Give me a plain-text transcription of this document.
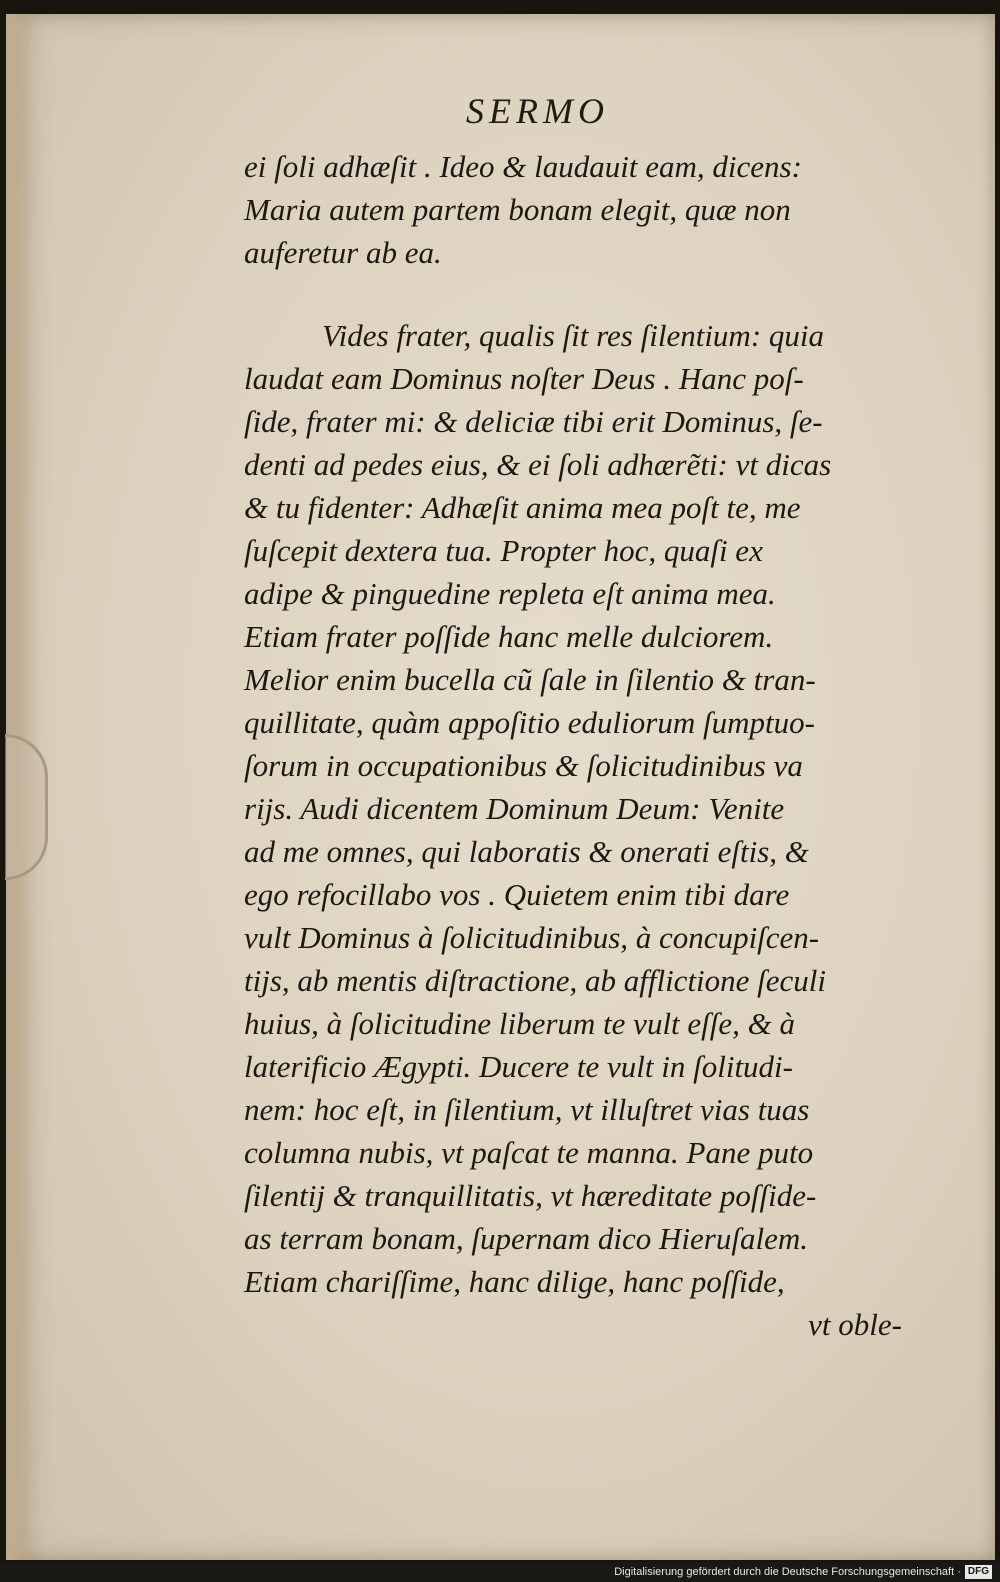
SERMO
ei ſoli adhæſit . Ideo & laudauit eam, dicens:
Maria autem partem bonam elegit, quæ non
auferetur ab ea.
Vides frater, qualis ſit res ſilentium: quia
laudat eam Dominus noſter Deus . Hanc poſ-
ſide, frater mi: & deliciæ tibi erit Dominus, ſe-
denti ad pedes eius, & ei ſoli adhærẽti: vt dicas
& tu fidenter: Adhæſit anima mea poſt te, me
ſuſcepit dextera tua. Propter hoc, quaſi ex
adipe & pinguedine repleta eſt anima mea.
Etiam frater poſſide hanc melle dulciorem.
Melior enim bucella cũ ſale in ſilentio & tran-
quillitate, quàm appoſitio eduliorum ſumptuo-
ſorum in occupationibus & ſolicitudinibus va
rijs. Audi dicentem Dominum Deum: Venite
ad me omnes, qui laboratis & onerati eſtis, &
ego refocillabo vos . Quietem enim tibi dare
vult Dominus à ſolicitudinibus, à concupiſcen-
tijs, ab mentis diſtractione, ab afflictione ſeculi
huius, à ſolicitudine liberum te vult eſſe, & à
laterificio Ægypti. Ducere te vult in ſolitudi-
nem: hoc eſt, in ſilentium, vt illuſtret vias tuas
columna nubis, vt paſcat te manna. Pane puto
ſilentij & tranquillitatis, vt hæreditate poſſide-
as terram bonam, ſupernam dico Hieruſalem.
Etiam chariſſime, hanc dilige, hanc poſſide,
vt oble-
Digitalisierung gefördert durch die Deutsche Forschungsgemeinschaft · DFG
